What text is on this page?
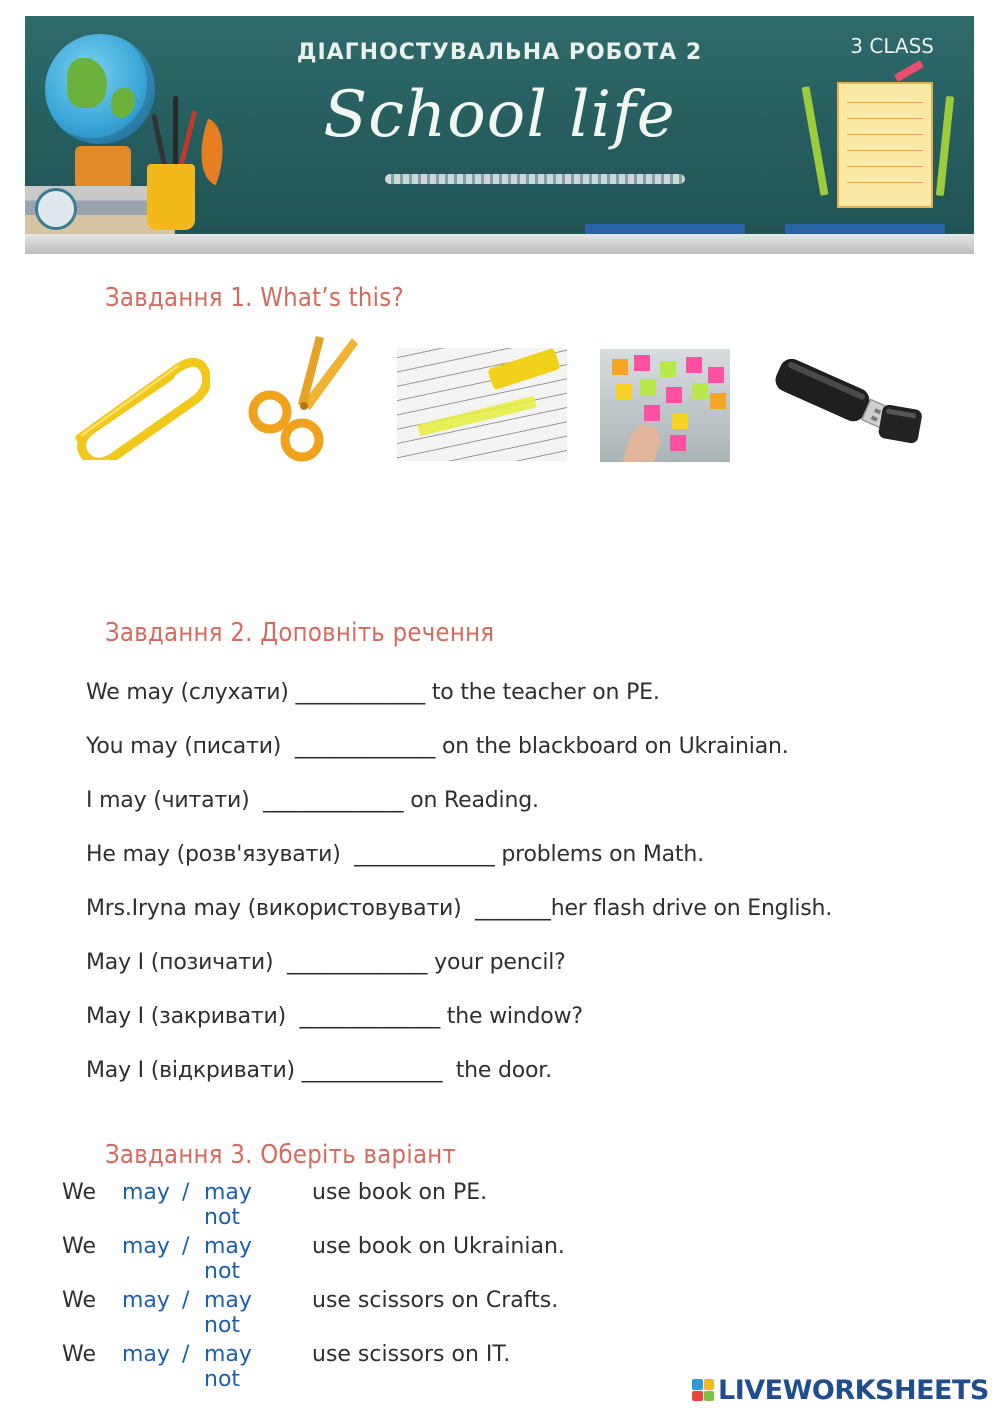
ДІАГНОСТУВАЛЬНА РОБОТА 2
School life
3 CLASS
Завдання 1. What’s this?
Завдання 2. Доповніть речення
We may (слухати) ____________ to the teacher on PE.
You may (писати)  _____________ on the blackboard on Ukrainian.
I may (читати)  _____________ on Reading.
He may (розв'язувати)  _____________ problems on Math.
Mrs.Iryna may (використовувати)  _______her flash drive on English.
May I (позичати)  _____________ your pencil?
May I (закривати)  _____________ the window?
May I (відкривати) _____________  the door.
Завдання 3. Оберіть варіант
We may / may not
use book on PE.
We may / may not
use book on Ukrainian.
We may / may not
use scissors on Crafts.
We may / may not
use scissors on IT.
LIVEWORKSHEETS
